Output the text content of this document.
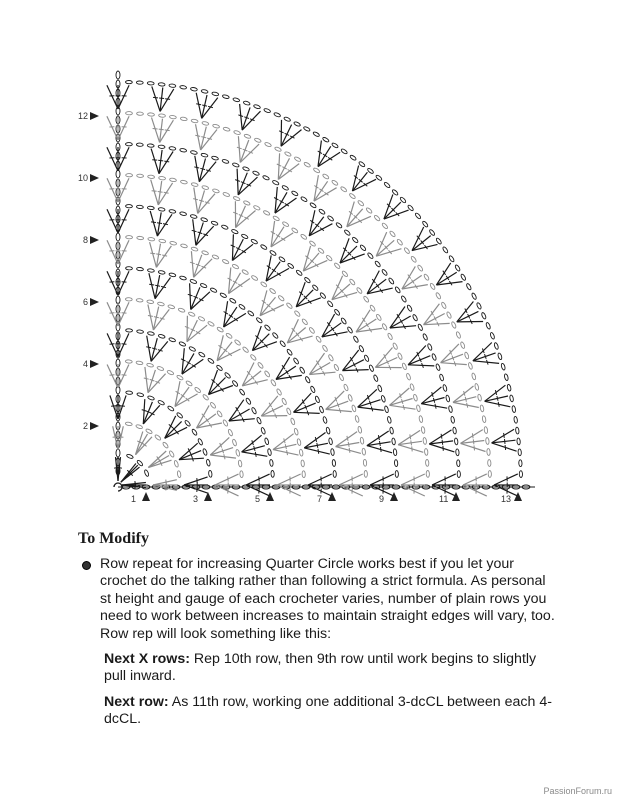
12
10
8
6
4
2
1	3	5	7	9	11	13
To Modify
Row repeat for increasing Quarter Circle works best if you let your crochet do the talking rather than following a strict formula. As personal st height and gauge of each crocheter varies, number of plain rows you need to work between increases to maintain straight edges will vary, too. Row rep will look something like this:
Next X rows: Rep 10th row, then 9th row until work begins to slightly pull inward.
Next row: As 11th row, working one additional 3-dcCL between each 4-dcCL.
PassionForum.ru
